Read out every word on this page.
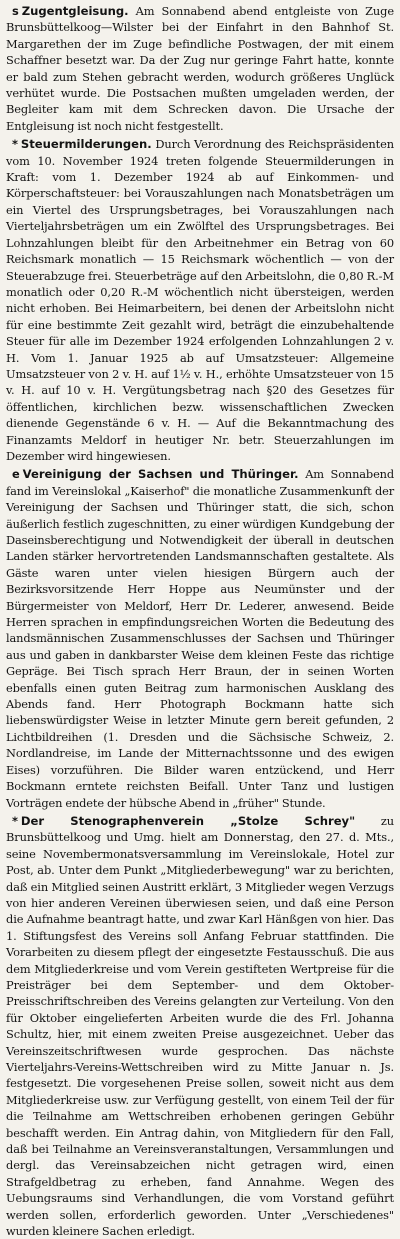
s Zugentgleisung. Am Sonnabend abend entgleiste von Zuge Brunsbüttelkoog—Wilster bei der Einfahrt in den Bahnhof St. Margarethen der im Zuge befindliche Postwagen, der mit einem Schaffner besetzt war. Da der Zug nur geringe Fahrt hatte, konnte er bald zum Stehen gebracht werden, wodurch größeres Unglück verhütet wurde. Die Postsachen mußten umgeladen werden, der Begleiter kam mit dem Schrecken davon. Die Ursache der Entgleisung ist noch nicht festgestellt.

* Steuermilderungen. Durch Verordnung des Reichspräsidenten vom 10. November 1924 treten folgende Steuermilderungen in Kraft: vom 1. Dezember 1924 ab auf Einkommen- und Körperschaftsteuer: bei Vorauszahlungen nach Monatsbeträgen um ein Viertel des Ursprungsbetrages, bei Vorauszahlungen nach Vierteljahrsbeträgen um ein Zwölftel des Ursprungsbetrages. Bei Lohnzahlungen bleibt für den Arbeitnehmer ein Betrag von 60 Reichsmark monatlich — 15 Reichsmark wöchentlich — von der Steuerabzuge frei. Steuerbeträge auf den Arbeitslohn, die 0,80 R.-M monatlich oder 0,20 R.-M wöchentlich nicht übersteigen, werden nicht erhoben. Bei Heimarbeitern, bei denen der Arbeitslohn nicht für eine bestimmte Zeit gezahlt wird, beträgt die einzubehaltende Steuer für alle im Dezember 1924 erfolgenden Lohnzahlungen 2 v. H. Vom 1. Januar 1925 ab auf Umsatzsteuer: Allgemeine Umsatzsteuer von 2 v. H. auf 1½ v. H., erhöhte Umsatzsteuer von 15 v. H. auf 10 v. H. Vergütungsbetrag nach §20 des Gesetzes für öffentlichen, kirchlichen bezw. wissenschaftlichen Zwecken dienende Gegenstände 6 v. H. — Auf die Bekanntmachung des Finanzamts Meldorf in heutiger Nr. betr. Steuerzahlungen im Dezember wird hingewiesen.

e Vereinigung der Sachsen und Thüringer. Am Sonnabend fand im Vereinslokal „Kaiserhof" die monatliche Zusammenkunft der Vereinigung der Sachsen und Thüringer statt, die sich, schon äußerlich festlich zugeschnitten, zu einer würdigen Kundgebung der Daseinsberechtigung und Notwendigkeit der überall in deutschen Landen stärker hervortretenden Landsmannschaften gestaltete. Als Gäste waren unter vielen hiesigen Bürgern auch der Bezirksvorsitzende Herr Hoppe aus Neumünster und der Bürgermeister von Meldorf, Herr Dr. Lederer, anwesend. Beide Herren sprachen in empfindungsreichen Worten die Bedeutung des landsmännischen Zusammenschlusses der Sachsen und Thüringer aus und gaben in dankbarster Weise dem kleinen Feste das richtige Gepräge. Bei Tisch sprach Herr Braun, der in seinen Worten ebenfalls einen guten Beitrag zum harmonischen Ausklang des Abends fand. Herr Photograph Bockmann hatte sich liebenswürdigster Weise in letzter Minute gern bereit gefunden, 2 Lichtbildreihen (1. Dresden und die Sächsische Schweiz, 2. Nordlandreise, im Lande der Mitternachtssonne und des ewigen Eises) vorzuführen. Die Bilder waren entzückend, und Herr Bockmann erntete reichsten Beifall. Unter Tanz und lustigen Vorträgen endete der hübsche Abend in „früher" Stunde.

* Der Stenographenverein „Stolze Schrey" zu Brunsbüttelkoog und Umg. hielt am Donnerstag, den 27. d. Mts., seine Novembermonatsversammlung im Vereinslokale, Hotel zur Post, ab. Unter dem Punkt „Mitgliederbewegung" war zu berichten, daß ein Mitglied seinen Austritt erklärt, 3 Mitglieder wegen Verzugs von hier anderen Vereinen überwiesen seien, und daß eine Person die Aufnahme beantragt hatte, und zwar Karl Hänßgen von hier. Das 1. Stiftungsfest des Vereins soll Anfang Februar stattfinden. Die Vorarbeiten zu diesem pflegt der eingesetzte Festausschuß. Die aus dem Mitgliederkreise und vom Verein gestifteten Wertpreise für die Preisträger bei dem September- und dem Oktober-Preisschriftschreiben des Vereins gelangten zur Verteilung. Von den für Oktober eingelieferten Arbeiten wurde die des Frl. Johanna Schultz, hier, mit einem zweiten Preise ausgezeichnet. Ueber das Vereinszeitschriftwesen wurde gesprochen. Das nächste Vierteljahrs-Vereins-Wettschreiben wird zu Mitte Januar n. Js. festgesetzt. Die vorgesehenen Preise sollen, soweit nicht aus dem Mitgliederkreise usw. zur Verfügung gestellt, von einem Teil der für die Teilnahme am Wettschreiben erhobenen geringen Gebühr beschafft werden. Ein Antrag dahin, von Mitgliedern für den Fall, daß bei Teilnahme an Vereinsveranstaltungen, Versammlungen und dergl. das Vereinsabzeichen nicht getragen wird, einen Strafgeldbetrag zu erheben, fand Annahme. Wegen des Uebungsraums sind Verhandlungen, die vom Vorstand geführt werden sollen, erforderlich geworden. Unter „Verschiedenes" wurden kleinere Sachen erledigt.
